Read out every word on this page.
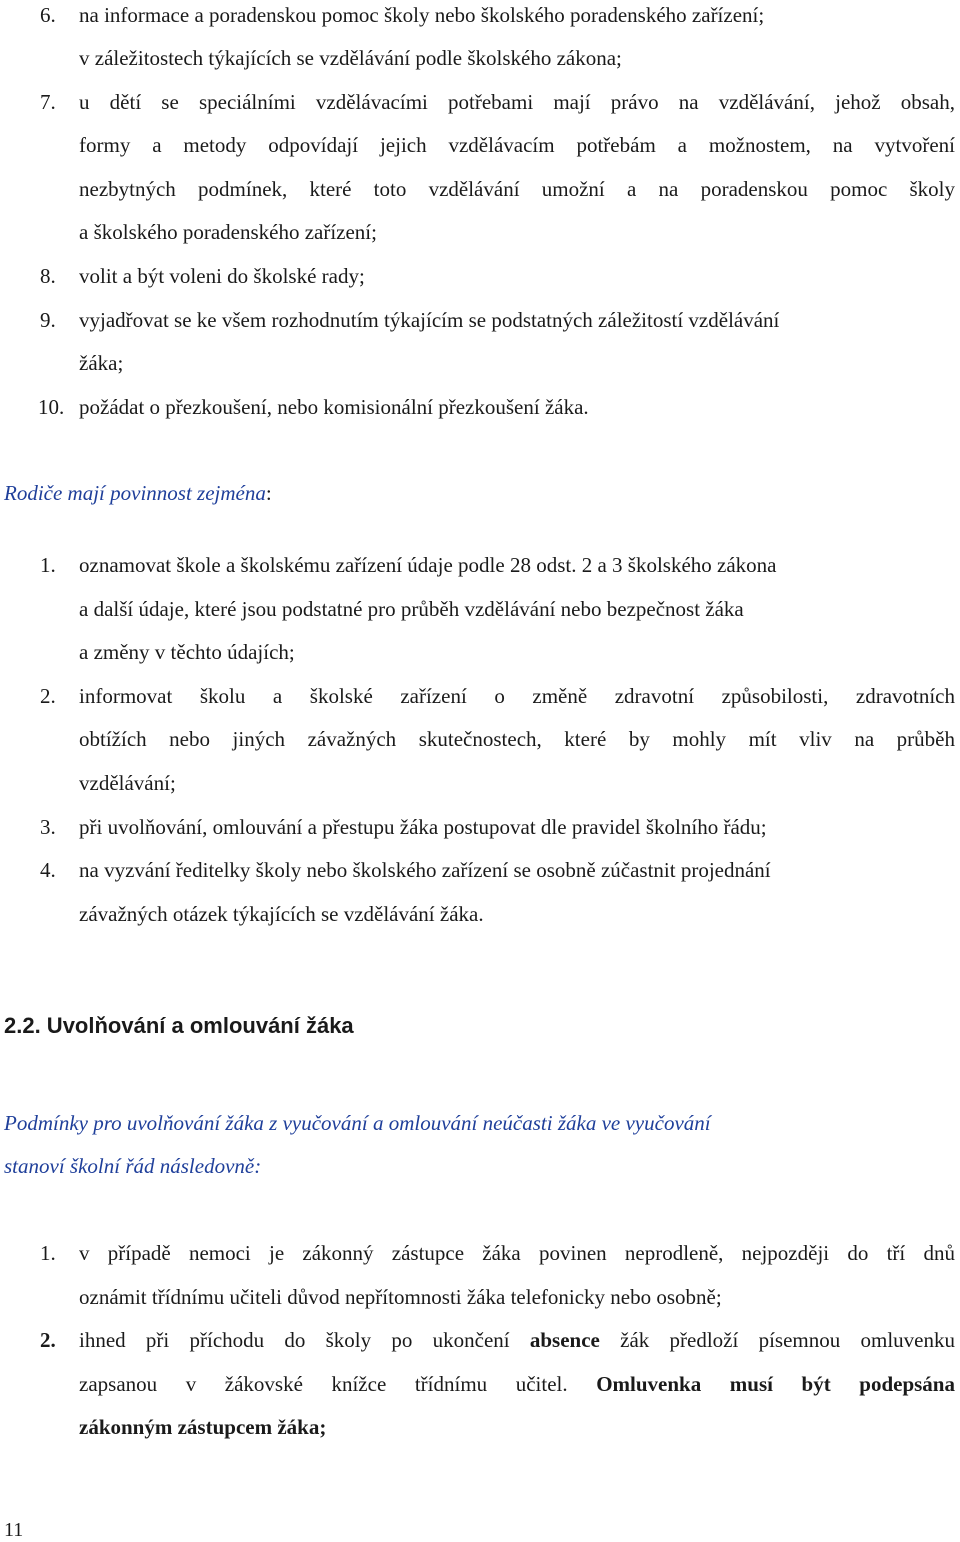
6. na informace a poradenskou pomoc školy nebo školského poradenského zařízení;
v záležitostech týkajících se vzdělávání podle školského zákona;
7. u dětí se speciálními vzdělávacími potřebami mají právo na vzdělávání, jehož obsah,
formy a metody odpovídají jejich vzdělávacím potřebám a možnostem, na vytvoření
nezbytných podmínek, které toto vzdělávání umožní a na poradenskou pomoc školy
a školského poradenského zařízení;
8. volit a být voleni do školské rady;
9. vyjadřovat se ke všem rozhodnutím týkajícím se podstatných záležitostí vzdělávání
žáka;
10. požádat o přezkoušení, nebo komisionální přezkoušení žáka.
Rodiče mají povinnost zejména:
1. oznamovat škole a školskému zařízení údaje podle 28 odst. 2 a 3 školského zákona
a další údaje, které jsou podstatné pro průběh vzdělávání nebo bezpečnost žáka
a změny v těchto údajích;
2. informovat školu a školské zařízení o změně zdravotní způsobilosti, zdravotních
obtížích nebo jiných závažných skutečnostech, které by mohly mít vliv na průběh
vzdělávání;
3. při uvolňování, omlouvání a přestupu žáka postupovat dle pravidel školního řádu;
4. na vyzvání ředitelky školy nebo školského zařízení se osobně zúčastnit projednání
závažných otázek týkajících se vzdělávání žáka.
2.2. Uvolňování a omlouvání žáka
Podmínky pro uvolňování žáka z vyučování a omlouvání neúčasti žáka ve vyučování
stanoví školní řád následovně:
1. v případě nemoci je zákonný zástupce žáka povinen neprodleně, nejpozději do tří dnů
oznámit třídnímu učiteli důvod nepřítomnosti žáka telefonicky nebo osobně;
2. ihned při příchodu do školy po ukončení absence žák předloží písemnou omluvenku
zapsanou v žákovské knížce třídnímu učitel. Omluvenka musí být podepsána
zákonným zástupcem žáka;
11
